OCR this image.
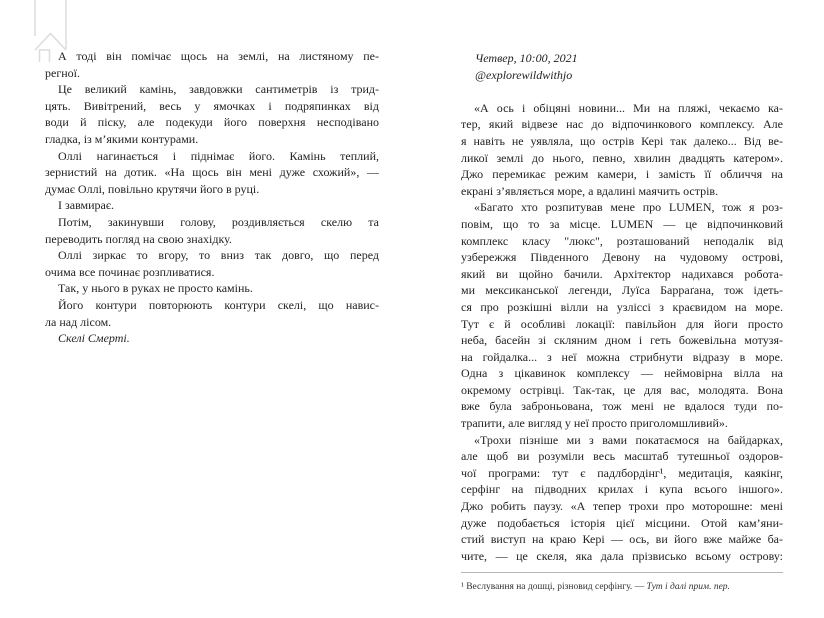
А тоді він помічає щось на землі, на листяному пе-
регної.
Це великий камінь, завдовжки сантиметрів із трид-
цять. Вивітрений, весь у ямочках і подряпинках від
води й піску, але подекуди його поверхня несподівано
гладка, із м’якими контурами.
Оллі нагинається і піднімає його. Камінь теплий,
зернистий на дотик. «На щось він мені дуже схожий», —
думає Оллі, повільно крутячи його в руці.
І завмирає.
Потім, закинувши голову, роздивляється скелю та
переводить погляд на свою знахідку.
Оллі зиркає то вгору, то вниз так довго, що перед
очима все починає розпливатися.
Так, у нього в руках не просто камінь.
Його контури повторюють контури скелі, що навис-
ла над лісом.
Скелі Смерті.
Четвер, 10:00, 2021
@explorewildwithjo
«А ось і обіцяні новини... Ми на пляжі, чекаємо ка-
тер, який відвезе нас до відпочинкового комплексу. Але
я навіть не уявляла, що острів Кері так далеко... Від ве-
ликої землі до нього, певно, хвилин двадцять катером».
Джо перемикає режим камери, і замість її обличчя на
екрані з’являється море, а вдалині маячить острів.
«Багато хто розпитував мене про LUMEN, тож я роз-
повім, що то за місце. LUMEN — це відпочинковий
комплекс класу "люкс", розташований неподалік від
узбережжя Південного Девону на чудовому острові,
який ви щойно бачили. Архітектор надихався робота-
ми мексиканської легенди, Луїса Барраґана, тож ідеть-
ся про розкішні вілли на узліссі з краєвидом на море.
Тут є й особливі локації: павільйон для йоги просто
неба, басейн зі скляним дном і геть божевільна мотузя-
на гойдалка... з неї можна стрибнути відразу в море.
Одна з цікавинок комплексу — неймовірна вілла на
окремому острівці. Так-так, це для вас, молодята. Вона
вже була заброньована, тож мені не вдалося туди по-
трапити, але вигляд у неї просто приголомшливий».
«Трохи пізніше ми з вами покатаємося на байдарках,
але щоб ви розуміли весь масштаб тутешньої оздоров-
чої програми: тут є падлбордінг¹, медитація, каякінг,
серфінг на підводних крилах і купа всього іншого».
Джо робить паузу. «А тепер трохи про моторошне: мені
дуже подобається історія цієї місцини. Отой кам’яни-
стий виступ на краю Кері — ось, ви його вже майже ба-
чите, — це скеля, яка дала прізвисько всьому острову:
¹ Веслування на дошці, різновид серфінгу. — Тут і далі прим. пер.
